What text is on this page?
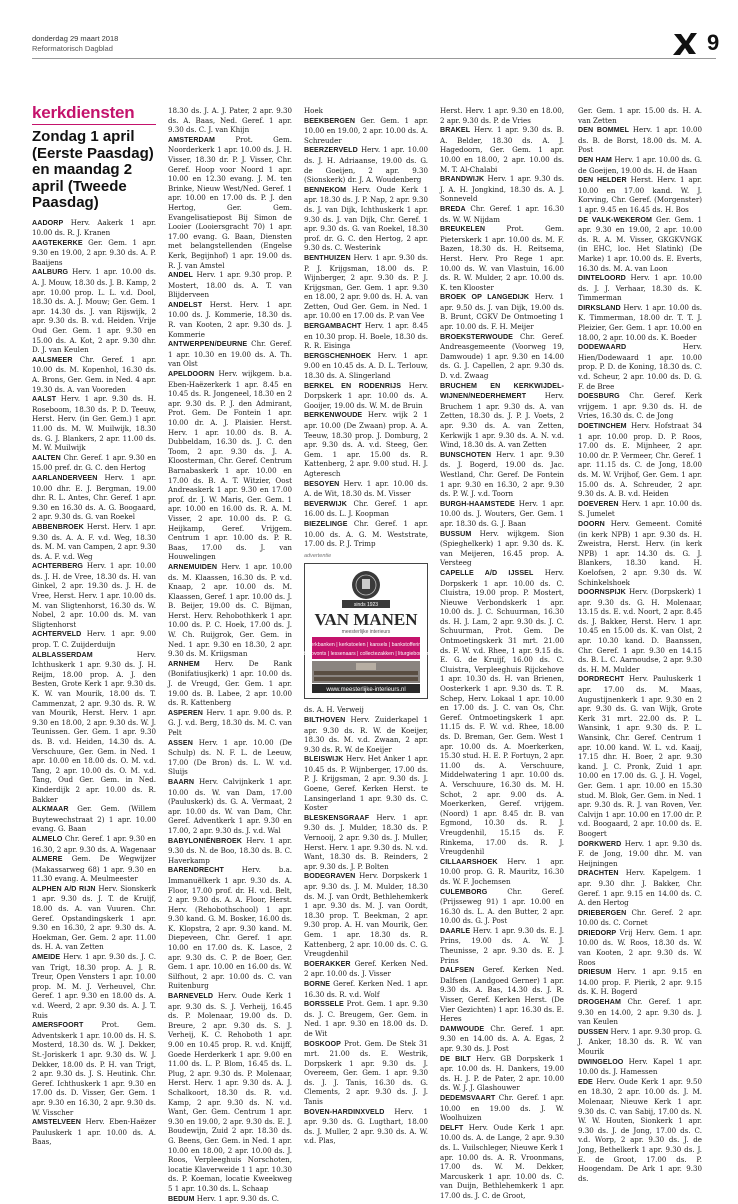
donderdag 29 maart 2018
Reformatorisch Dagblad	9
kerkdiensten
Zondag 1 april (Eerste Paasdag) en maandag 2 april (Tweede Paasdag)

AADORP Herv. Aakerk 1 apr. 10.00 ds. R. J. Kranen

AAGTEKERKE Ger. Gem. 1 apr. 9.30 en 19.00, 2 apr. 9.30 ds. A. P. Baaijens

AALBURG Herv. 1 apr. 10.00 ds. A. J. Mouw, 18.30 ds. J. B. Kamp, 2 apr. 10.00 prop. L. L. v.d. Dool, 18.30 ds. A. J. Mouw; Ger. Gem. 1 apr. 14.30 ds. J. van Rijswijk, 2 apr. 9.30 ds. B. v.d. Heiden. Vrije Oud Ger. Gem. 1 apr. 9.30 en 15.00 ds. A. Kot, 2 apr. 9.30 dhr. D. J. van Keulen

AALSMEER Chr. Geref. 1 apr. 10.00 ds. M. Kopenhol, 16.30 ds. A. Brons, Ger. Gem. in Ned. 4 apr. 19.30 ds. A. van Vooreden

AALST Herv. 1 apr. 9.30 ds. H. Roseboom, 18.30 ds. P. D. Teeuw, Herst. Herv. (in Ger. Gem.) 1 apr. 11.00 ds. M. W. Muilwijk, 18.30 ds. G. J. Blankers, 2 apr. 11.00 ds. M. W. Muilwijk

AALTEN Chr. Geref. 1 apr. 9.30 en 15.00 pref. dr. G. C. den Hertog

AARLANDERVEEN Herv. 1 apr. 10.00 dhr. E. J. Bergman, 19.00 dhr. R. L. Antes, Chr. Geref. 1 apr. 9.30 en 16.30 ds. A. G. Boogaard, 2 apr. 9.30 ds. G. van Roekel

ABBENBROEK Herst. Herv. 1 apr. 9.30 ds. A. A. F. v.d. Weg, 18.30 ds. M. M. van Campen, 2 apr. 9.30 ds. A. F. v.d. Weg

ACHTERBERG Herv. 1 apr. 10.00 ds. J. H. de Vree, 18.30 ds. H. van Ginkel, 2 apr. 19.30 ds. J. H. de Vree, Herst. Herv. 1 apr. 10.00 ds. M. van Sligtenhorst, 16.30 ds. W. Nobel, 2 apr. 10.00 ds. M. van Sligtenhorst

ACHTERVELD Herv. 1 apr. 9.00 prop. T. C. Zuijderduijn

ALBLASSERDAM	Herv. Ichthuskerk 1 apr. 9.30 ds. J. H. Reijm, 18.00 prop. A. J. den Besten, Grote Kerk 1 apr. 9.30 ds. K. W. van Mourik, 18.00 ds. T. Cammenzat, 2 apr. 9.30 ds. R. W. van Mourik, Herst. Herv. 1 apr. 9.30 en 18.00, 2 apr. 9.30 ds. W. J. Teunissen. Ger. Gem. 1 apr. 9.30 ds. B. v.d. Heiden, 14.30 ds. A. Verschuure, Ger. Gem. in Ned. 1 apr. 10.00 en 18.00 ds. O. M. v.d. Tang, 2 apr. 10.00 ds. O. M. v.d. Tang, Oud Ger. Gem. in Ned. Kinderdijk 2 apr. 10.00 ds. R. Bakker

ALKMAAR Ger. Gem. (Willem Buytewechstraat 2) 1 apr. 10.00 evang. G. Baan

ALMELO Chr. Geref. 1 apr. 9.30 en 16.30, 2 apr. 9.30 ds. A. Wagenaar

ALMERE Gem. De Wegwijzer (Makassarweg 68) 1 apr. 9.30 en 11.30 evang. A. Meulmeester

ALPHEN A/D RIJN Herv. Sionskerk 1 apr. 9.30 ds. J. T. de Kruijf, 18.00 ds. A. van Vuuren. Chr. Geref. Opstandingskerk 1 apr. 9.30 en 16.30, 2 apr. 9.30 ds. A. Hoekman, Ger. Gem. 2 apr. 11.00 ds. H. A. van Zetten

AMEIDE Herv. 1 apr. 9.30 ds. J. C. van Trigt, 18.30 prop. A. J. R. Treur, Open Vensters 1 apr. 10.00 prop. M. M. J. Verheuvel, Chr. Geref. 1 apr. 9.30 en 18.00 ds. A. v.d. Weerd, 2 apr. 9.30 ds. A. J. T. Ruis

AMERSFOORT	Prot. Gem. Adventskerk 1 apr. 10.00 ds. H. S. Mosterd, 18.30 ds. W. J. Dekker, St.-Joriskerk 1 apr. 9.30 ds. W. J. Dekker, 18.00 ds. P. H. van Trigt, 2 apr. 9.30 ds. J. S. Heutink. Chr. Geref. Ichthuskerk 1 apr. 9.30 en 17.00 ds. D. Visser, Ger. Gem. 1 apr. 9.30 en 16.30, 2 apr. 9.30 ds. W. Visscher

AMSTELVEEN Herv. Eben-Haëzer Pauluskerk 1 apr. 10.00 ds. A. Baas,

18.30 ds. J. A. J. Pater, 2 apr. 9.30 ds. A. Baas, Ned. Geref. 1 apr. 9.30 ds. C. J. van Khijn

AMSTERDAM	Prot. Gem. Noorderkerk 1 apr. 10.00 ds. J. H. Visser, 18.30 dr. P. J. Visser, Chr. Geref. Hoop voor Noord 1 apr. 10.00 en 12.30 evang. J. M. ten Brinke, Nieuw West/Ned. Geref. 1 apr. 10.00 en 17.00 ds. P. J. den Hertog, Ger. Gem. Evangelisatiepost Bij Simon de Looier (Looiersgracht 70) 1 apr. 17.00 evang. G. Baan, Diensten met belangstellenden (Engelse Kerk, Begijnhof) 1 apr. 19.00 ds. R. J. van Amstel

ANDEL Herv. 1 apr. 9.30 prop. P. Mostert, 18.00 ds. A. T. van Blijderveen

ANDELST Herst. Herv. 1 apr. 10.00 ds. J. Kommerie, 18.30 ds. R. van Kooten, 2 apr. 9.30 ds. J. Kommerie

ANTWERPEN/DEURNE Chr. Geref. 1 apr. 10.30 en 19.00 ds. A. Th. van Olst

APELDOORN Herv. wijkgem. b.a. Eben-Haëzerkerk 1 apr. 8.45 en 10.45 ds. R. Jongeneel, 18.30 en 2 apr. 9.30 ds. P. J. den Admirant, Prot. Gem. De Fontein 1 apr. 10.00 dr. A. J. Plaisier. Herst. Herv. 1 apr. 10.00 ds. B. A. Dubbeldam, 16.30 ds. J. C. den Toom, 2 apr. 9.30 ds. J. A. Kloosterman, Chr. Geref. Centrum Barnabaskerk 1 apr. 10.00 en 17.00 ds. B. A. T. Witzier, Oost Andreaskerk 1 apr. 9.30 en 17.00 prof. dr. J. W. Maris, Ger. Gem. 1 apr. 10.00 en 16.00 ds. R. A. M. Visser, 2 apr. 10.00 ds. P. G. Heijkamp, Geref. Vrijgem. Centrum 1 apr. 10.00 ds. P. R. Baas, 17.00 ds. J. van Houwelingen

ARNEMUIDEN Herv. 1 apr. 10.00 ds. M. Klaassen, 16.30 ds. P. v.d. Knaap, 2 apr. 10.00 ds. M. Klaassen, Geref. 1 apr. 10.00 ds. J. B. Beijer, 19.00 ds. C. Bijman, Herst. Herv. Rehobothkerk 1 apr. 10.00 ds. P. C. Hoek, 17.00 ds. J. W. Ch. Ruijgrok, Ger. Gem. in Ned. 1 apr. 9.30 en 18.30, 2 apr. 9.30 ds. M. Kriigsman

ARNHEM Herv. De Rank (Bonifatiusjkerk) 1 apr. 10.00 ds. J. de Vreugd, Ger. Gem. 1 apr. 19.00 ds. B. Labee, 2 apr. 10.00 ds. R. Kattenberg

ASPEREN Herv. 1 apr. 9.00 ds. P. G. J. v.d. Berg, 18.30 ds. M. C. van Pelt

ASSEN Herv. 1 apr. 10.00 (De Schulp) ds. N. F. L. de Leeuw, 17.00 (De Bron) ds. L. W. v.d. Sluijs

BAARN Herv. Calvijnkerk 1 apr. 10.00 ds. W. van Dam, 17.00 (Pauluskerk) ds. G. A. Vermaat, 2 apr. 10.00 ds. W. van Dam, Chr. Geref. Adventkerk 1 apr. 9.30 en 17.00, 2 apr. 9.30 ds. J. v.d. Wal

BABYLONIËNBROEK Herv. 1 apr. 9.30 ds. N. de Boo, 18.30 ds. B. C. Haverkamp

BARENDRECHT	Herv. b.a. Immanuëlkerk 1 apr. 9.30 ds. A. Floor, 17.00 prof. dr. H. v.d. Belt, 2 apr. 9.30 ds. A. A. Floor, Herst. Herv. (Rehobothschool) 1 apr. 9.30 kand. G. M. Bosker, 16.00 ds. K. Klopstra, 2 apr. 9.30 kand. M. Diepeveen, Chr. Geref. 1 apr. 10.00 en 17.00 ds. K. Lasce, 2 apr. 9.30 ds. C. P. de Boer, Ger. Gem. 1 apr. 10.00 en 16.00 ds. W. Silfhout, 2 apr. 10.00 ds. C. van Ruitenburg

BARNEVELD Herv. Oude Kerk 1 apr. 9.30 ds. S. J. Verheij, 16.45 ds. P. Molenaar, 19.00 ds. D. Breure, 2 apr. 9.30 ds. S. J. Verheij, K. C. Rehoboth 1 apr. 9.00 en 10.45 prop. R. v.d. Knijff, Goede Herderkerk 1 apr. 9.00 en 11.00 ds. L. P. Blom, 16.45 ds. L. Plug, 2 apr. 9.30 ds. P. Molenaar, Herst. Herv. 1 apr. 9.30 ds. A. J. Schalkoort, 18.30 ds. R. v.d. Kamp, 2 apr. 9.30 ds. N. v.d. Want, Ger. Gem. Centrum 1 apr. 9.30 en 19.00, 2 apr. 9.30 ds. E. J. Boudewijn, Zuid 2 apr. 18.30 ds. G. Beens, Ger. Gem. in Ned. 1 apr. 10.00 en 18.00, 2 apr. 10.00 ds. J. Roos, Verpleeghuis Norschoten, locatie Klaverweide 1 1 apr. 10.30 ds. P. Koeman, locatie Kweekweg 5 1 apr. 10.30 ds. L. Schaap

BEDUM Herv. 1 apr. 9.30 ds. C.

Hoek

BEEKBERGEN Ger. Gem. 1 apr. 10.00 en 19.00, 2 apr. 10.00 ds. A. Schreuder

BEERZERVELD Herv. 1 apr. 10.00 ds. J. H. Adriaanse, 19.00 ds. G. de Goeijen, 2 apr. 9.30 (Sionskerk) dr. J. A. Woudenberg

BENNEKOM Herv. Oude Kerk 1 apr. 18.30 ds. J. P. Nap, 2 apr. 9.30 ds. J. van Dijk, Ichthuskerk 1 apr. 9.30 ds. J. van Dijk, Chr. Geref. 1 apr. 9.30 ds. G. van Roekel, 18.30 prof. dr. G. C. den Hertog, 2 apr. 9.30 ds. C. Westerink

BENTHUIZEN Herv. 1 apr. 9.30 ds. P. J. Krijgsman, 18.00 ds. P. Wijnberger, 2 apr. 9.30 ds. P. J. Krijgsman, Ger. Gem. 1 apr. 9.30 en 18.00, 2 apr. 9.00 ds. H. A. van Zetten, Oud Ger. Gem. in Ned. 1 apr. 10.00 en 17.00 ds. P. van Vee

BERGAMBACHT Herv. 1 apr. 8.45 en 10.30 prop. H. Boele, 18.30 ds. R. R. Eisinga

BERGSCHENHOEK Herv. 1 apr. 9.00 en 10.45 ds. A. D. L. Terlouw, 18.30 ds. A. Slingerland

BERKEL EN RODENRIJS Herv. Dorpskerk 1 apr. 10.00 ds. A. Gooijer, 19.00 ds. W. M. de Bruin

BERKENWOUDE Herv. wijk 2 1 apr. 10.00 (De Zwaan) prop. A. A. Teeuw, 18.30 prop. J. Domburg, 2 apr. 9.30 ds. A. v.d. Steeg, Ger. Gem. 1 apr. 15.00 ds. R. Kattenberg, 2 apr. 9.00 stud. H. J. Agteresch

BESOYEN Herv. 1 apr. 10.00 ds. A. de Wit, 18.30 ds. M. Visser

BEVERWIJK Chr. Geref. 1 apr. 16.00 ds. L. J. Koopman

BIEZELINGE Chr. Geref. 1 apr. 10.00 ds. A. G. M. Weststrate, 17.00 ds. P. J. Trimp

advertentie
sinds 1923
VAN MANEN
meesterlijke interieurs
kerkbanken | kerkstoelen | kansels | bankstoffering
doopvonts | lessenaars | collectezakken | liturgieborden
www.meesterlijke-interieurs.nl

ds. A. H. Verweij

BILTHOVEN Herv. Zuiderkapel 1 apr. 9.30 ds. R. W. de Koeijer, 18.30 ds. M. v.d. Zwaan, 2 apr. 9.30 ds. R. W. de Koeijer

BLEISWIJK Herv. Het Anker 1 apr. 10.45 ds. P. Wijnberger, 17.00 ds. P. J. Krijgsman, 2 apr. 9.30 ds. J. Goene, Geref. Kerken Herst. te Lansingerland 1 apr. 9.30 ds. C. Koster

BLESKENSGRAAF Herv. 1 apr. 9.30 ds. J. Mulder, 18.30 ds. P. Vernooij, 2 apr. 9.30 ds. J. Muller, Herst. Herv. 1 apr. 9.30 ds. N. v.d. Want, 18.30 ds. B. Reinders, 2 apr. 9.30 ds. J. P. Bolten

BODEGRAVEN Herv. Dorpskerk 1 apr. 9.30 ds. J. M. Mulder, 18.30 ds. M. J. van Ordt, Bethlehemkerk 1 apr. 9.30 ds. M. J. van Oordt, 18.30 prop. T. Beekman, 2 apr. 9.30 prop. A. H. van Mourik, Ger. Gem. 1 apr. 18.30 ds. R. Kattenberg, 2 apr. 10.00 ds. C. G. Vreugdenhil

BOERAKKER Geref. Kerken Ned. 2 apr. 10.00 ds. J. Visser

BORNE Geref. Kerken Ned. 1 apr. 16.30 ds. R. v.d. Wolf

BORSSELE Prot. Gem. 1 apr. 9.30 ds. J. C. Breugem, Ger. Gem. in Ned. 1 apr. 9.30 en 18.00 ds. D. de Wit

BOSKOOP Prot. Gem. De Stek 31 mrt. 21.00 ds. E. Westrik, Dorpskerk 1 apr. 9.30 ds. J. Overeem, Ger. Gem. 1 apr. 9.30 ds. J. J. Tanis, 16.30 ds. G. Clements, 2 apr. 9.30 ds. J. J. Tanis

BOVEN-HARDINXVELD Herv. 1 apr. 9.30 ds. G. Lugthart, 18.00 ds. J. Muller, 2 apr. 9.30 ds. A. W. v.d. Plas,

Herst. Herv. 1 apr. 9.30 en 18.00, 2 apr. 9.30 ds. P. de Vries

BRAKEL Herv. 1 apr. 9.30 ds. B. A. Belder, 18.30 ds. A. J. Hagedoorn, Ger. Gem. 1 apr. 10.00 en 18.00, 2 apr. 10.00 ds. M. T. Al-Chalabi

BRANDWIJK Herv. 1 apr. 9.30 ds. J. A. H. Jongkind, 18.30 ds. A. J. Sonneveld

BREDA Chr. Geref. 1 apr. 16.30 ds. W. W. Nijdam

BREUKELEN	Prot. Gem. Pieterskerk 1 apr. 10.00 ds. M. F. Bazen, 18.30 ds. H. Reitsema, Herst. Herv. Pro Rege 1 apr. 10.00 ds. W. van Vlastuin, 16.00 ds. R. W. Mulder, 2 apr. 10.00 ds. K. ten Klooster

BROEK OP LANGEDIJK Herv. 1 apr. 9.50 ds. J. van Dijk, 19.00 ds. B. Brunt, CGKV De Ontmoeting 1 apr. 10.00 ds. F. H. Meijer

BROEKSTERWOUDE Chr. Geref. Andreasgemeente (Voorweg 19, Damwoude) 1 apr. 9.30 en 14.00 ds. G. J. Capellen, 2 apr. 9.30 ds. D. v.d. Zwaag

BRUCHEM EN KERKWIJDEL-WIJNEN/NEDERHEMERT	Herv. Bruchem 1 apr. 9.30 ds. A. van Zetten, 18.30 ds. J. P. J. Voets, 2 apr. 9.30 ds. A. van Zetten, Kerkwijk 1 apr. 9.30 ds. A. N. v.d. Wind, 18.30 ds. A. van Zetten

BUNSCHOTEN Herv. 1 apr. 9.30 ds. J. Bogerd, 19.00 ds. Jac. Westland, Chr. Geref. De Fontein 1 apr. 9.30 en 16.30, 2 apr. 9.30 ds. P. W. J. v.d. Toorn

BURGH-HAAMSTEDE Herv. 1 apr. 10.00 ds. J. Wouters, Ger. Gem. 1 apr. 18.30 ds. G. J. Baan

BUSSUM Herv. wijkgem. Sion (Spieghelkerk) 1 apr. 9.30 ds. K. van Meijeren, 16.45 prop. A. Versteeg

CAPELLE A/D IJSSEL Herv. Dorpskerk 1 apr. 10.00 ds. C. Cluistra, 19.00 prop. P. Mostert, Nieuwe Verbondskerk 1 apr. 10.00 ds. J. C. Schuurman, 16.30 ds. H. J. Lam, 2 apr. 9.30 ds. J. C. Schuurman, Prot. Gem. De Ontmoetingskerk 31 mrt. 21.00 ds. F. W. v.d. Rhee, 1 apr. 9.15 ds. E. G. de Kruijf, 16.00 ds. C. Cluistra, Verpleeghuis Rijckehove 1 apr. 10.30 ds. H. van Brienen, Oosterkerk 1 apr. 9.30 ds. T. R. Schep, Herv. Lokaal 1 apr. 10.00 en 17.00 ds. J. C. van Os, Chr. Geref. Ontmoetingskerk 1 apr. 11.15 ds. F. W. v.d. Rhee, 18.00 ds. D. Breman, Ger. Gem. West 1 apr. 10.00 ds. A. Moerkerken, 15.30 stud. H. E. P. Fortuyn, 2 apr. 11.00 ds. A. Verschuure, Middelwatering 1 apr. 10.00 ds. A. Verschuure, 16.30 ds. M. H. Schot, 2 apr. 9.00 ds. A. Moerkerken, Geref. vrijgem. (Noord) 1 apr. 8.45 dr. B. van Egmond, 10.30 ds. R. J. Vreugdenhil, 15.15 ds. F. Rinkema, 17.00 ds. R. J. Vreugdenhil

CILLAARSHOEK Herv. 1 apr. 10.00 prop. G. R. Mauritz, 16.30 ds. W. F. Jochemsen

CULEMBORG	Chr. Geref. (Prijsseweg 91) 1 apr. 10.00 en 16.30 ds. L. A. den Butter, 2 apr. 10.00 ds. G. J. Post

DAARLE Herv. 1 apr. 9.30 ds. E. J. Prins, 19.00 ds. A. W. J. Theunisse, 2 apr. 9.30 ds. E. J. Prins

DALFSEN Geref. Kerken Ned. Dalfsen (Landgoed Gerner) 1 apr. 9.30 ds. A. Bas, 14.30 ds. J. R. Visser, Geref. Kerken Herst. (De Vier Gezichten) 1 apr. 16.30 ds. E. Heres

DAMWOUDE Chr. Geref. 1 apr. 9.30 en 14.00 ds. A. A. Egas, 2 apr. 9.30 ds. J. Post

DE BILT Herv. GB Dorpskerk 1 apr. 10.00 ds. H. Dankers, 19.00 ds. H. J. P. de Pater, 2 apr. 10.00 ds. W. J. J. Glashouwer

DEDEMSVAART Chr. Geref. 1 apr. 10.00 en 19.00 ds. J. W. Woolhuizen

DELFT Herv. Oude Kerk 1 apr. 10.00 ds. A. de Lange, 2 apr. 9.30 ds. L. Vuilschleger, Nieuwe Kerk 1 apr. 10.00 ds. A. R. Vroonmans, 17.00 ds. W. M. Dekker, Marcuskerk 1 apr. 10.00 ds. C. van Duijn, Bethlehemkerk 1 apr. 17.00 ds. J. C. de Groot,

Ger. Gem. 1 apr. 15.00 ds. H. A. van Zetten

DEN BOMMEL Herv. 1 apr. 10.00 ds. B. de Borst, 18.00 ds. M. A. Post

DEN HAM Herv. 1 apr. 10.00 ds. G. de Goeijen, 19.00 ds. H. de Haan

DEN HELDER Herst. Herv. 1 apr. 10.00 en 17.00 kand. W. J. Korving, Chr. Geref. (Morgenster) 1 apr. 9.45 en 16.45 ds. H. Bos

DE VALK-WEKEROM Ger. Gem. 1 apr. 9.30 en 19.00, 2 apr. 10.00 ds. R. A. M. Visser, GKGKVNGK (in EHC, loc. Het Slatink) (De Marke) 1 apr. 10.00 ds. E. Everts, 16.30 ds. M. A. van Loon

DINTELOORD Herv. 1 apr. 10.00 ds. J. J. Verhaar, 18.30 ds. K. Timmerman

DIRKSLAND Herv. 1 apr. 10.00 ds. K. Timmerman, 18.00 dr. T. T. J. Pleizier, Ger. Gem. 1 apr. 10.00 en 18.00, 2 apr. 10.00 ds. K. Boeder

DODEWAARD	Herv. Hien/Dodewaard 1 apr. 10.00 prop. P. D. de Koning, 18.30 ds. C. v.d. Scheur, 2 apr. 10.00 ds. D. G. F. de Bree

DOESBURG Chr. Geref. Kerk vrijgem. 1 apr. 9.30 ds. H. de Vries, 16.30 ds. C. de Jong

DOETINCHEM Herv. Hofstraat 34 1 apr. 10.00 prop. D. P. Roos, 17.00 ds. E. Mijnheer, 2 apr. 10.00 dr. P. Vermeer, Chr. Geref. 1 apr. 11.15 ds. C. de Jong, 18.00 ds. M. W. Vrijhof, Ger. Gem. 1 apr. 15.00 ds. A. Schreuder, 2 apr. 9.30 ds. A. B. v.d. Heiden

DOEVEREN Herv. 1 apr. 10.00 ds. S. Jumelet

DOORN Herv. Gemeent. Comité (in kerk NPB) 1 apr. 9.30 ds. H. Zweistra, Herst. Herv. (in kerk NPB) 1 apr. 14.30 ds. G. J. Blankers, 18.30 kand. H. Koelofsen, 2 apr. 9.30 ds. W. Schinkelshoek

DOORNSPIJK Herv. (Dorpskerk) 1 apr. 9.30 ds. G. H. Molenaar, 13.15 ds. E. v.d. Noort, 2 apr. 8.45 ds. J. Bakker, Herst. Herv. 1 apr. 10.45 en 15.00 ds. K. van Olst, 2 apr. 10.30 kand. D. Baanssen, Chr. Geref. 1 apr. 9.30 en 14.15 ds. B. L. C. Aarnoudse, 2 apr. 9.30 ds. H. M. Mulder

DORDRECHT Herv. Pauluskerk 1 apr. 17.00 ds. M. Maas, Augustijnenkerk 1 apr. 9.30 en 2 apr. 9.30 ds. G. van Wijk, Grote Kerk 31 mrt. 22.00 ds. P. L. Wansink, 1 apr. 9.30 ds. P. L. Wansink, Chr. Geref. Centrum 1 apr. 10.00 kand. W. L. v.d. Kaaij, 17.15 dhr. H. Boer, 2 apr. 9.30 kand. J. C. Pronk, Zuid 1 apr. 10.00 en 17.00 ds. G. J. H. Vogel, Ger. Gem. 1 apr. 10.00 en 15.30 stud. M. Blok, Ger. Gem. in Ned. 1 apr. 9.30 ds. R. J. van Roven, Ver. Calvijn 1 apr. 10.00 en 17.00 dr. P. v.d. Boogaard, 2 apr. 10.00 ds. E. Boogert

DORKWERD Herv. 1 apr. 9.30 ds. F. de Jong, 19.00 dhr. M. van Heijningen

DRACHTEN Herv. Kapelgem. 1 apr. 9.30 dhr. J. Bakker, Chr. Geref. 1 apr. 9.15 en 14.00 ds. C. A. den Hertog

DRIEBERGEN Chr. Geref. 2 apr. 10.00 ds. C. Cornet

DRIEDORP Vrij Herv. Gem. 1 apr. 10.00 ds. W. Roos, 18.30 ds. W. van Kooten, 2 apr. 9.30 ds. W. Roos

DRIESUM Herv. 1 apr. 9.15 en 14.00 prop. F. Pierik, 2 apr. 9.15 ds. K. H. Bogerd

DROGEHAM Chr. Geref. 1 apr. 9.30 en 14.00, 2 apr. 9.30 ds. J. van Keulen

DUSSEN Herv. 1 apr. 9.30 prop. G. J. Anker, 18.30 ds. R. W. van Mourik

DWINGELOO Herv. Kapel 1 apr. 10.00 ds. J. Hamessen

EDE Herv. Oude Kerk 1 apr. 9.50 en 18.30, 2 apr. 10.00 ds. J. M. Molenaar, Nieuwe Kerk 1 apr. 9.30 ds. C. van Sabij, 17.00 ds. N. W. W. Houten, Sionkerk 1 apr. 9.30 ds. J. de Jong, 17.00 ds. C. v.d. Worp, 2 apr. 9.30 ds. J. de Jong, Bethelkerk 1 apr. 9.30 ds. J. E. de Groot, 17.00 ds. P. Hoogendam. De Ark 1 apr. 9.30 ds.
